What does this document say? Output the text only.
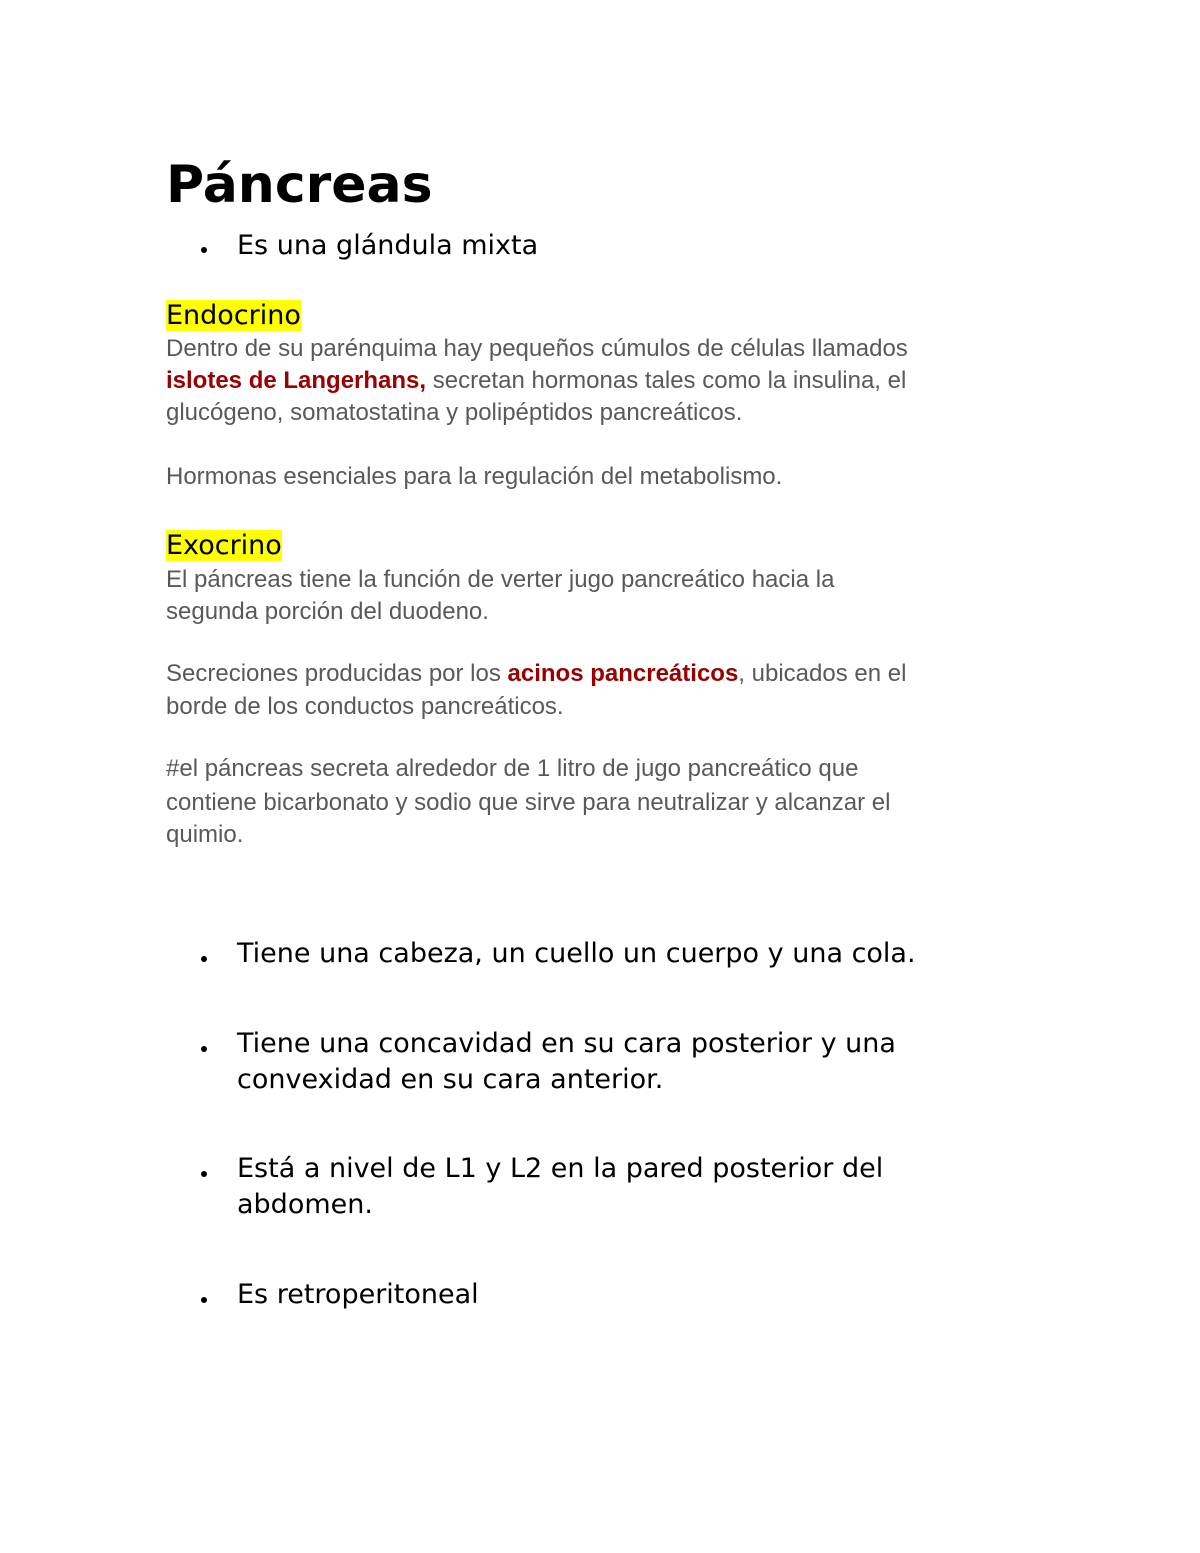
Páncreas
Es una glándula mixta
Endocrino

Dentro de su parénquima hay pequeños cúmulos de células llamados

islotes de Langerhans, secretan hormonas tales como la insulina, el

glucógeno, somatostatina y polipéptidos pancreáticos.

Hormonas esenciales para la regulación del metabolismo.

Exocrino

El páncreas tiene la función de verter jugo pancreático hacia la

segunda porción del duodeno.

Secreciones producidas por los acinos pancreáticos, ubicados en el

borde de los conductos pancreáticos.

#el páncreas secreta alrededor de 1 litro de jugo pancreático que

contiene bicarbonato y sodio que sirve para neutralizar y alcanzar el

quimio.

Tiene una cabeza, un cuello un cuerpo y una cola.
Tiene una concavidad en su cara posterior y una
convexidad en su cara anterior.
Está a nivel de L1 y L2 en la pared posterior del
abdomen.
Es retroperitoneal
